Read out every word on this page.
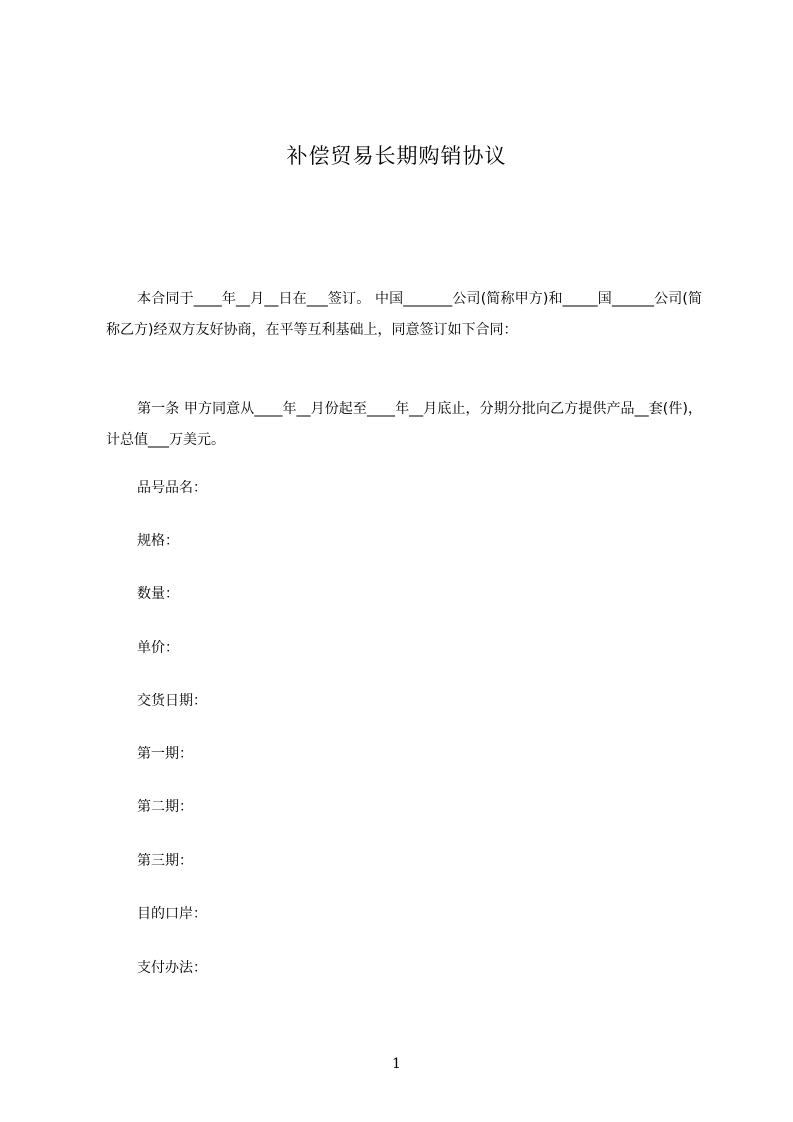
补偿贸易长期购销协议
本合同于____年__月__日在___签订。 中国_______公司(简称甲方)和_____国______公司(简称乙方)经双方友好协商，在平等互利基础上，同意签订如下合同：
第一条 甲方同意从____年__月份起至____年__月底止，分期分批向乙方提供产品__套(件)，计总值___万美元。
品号品名：
规格：
数量：
单价：
交货日期：
第一期：
第二期：
第三期：
目的口岸：
支付办法：
1
